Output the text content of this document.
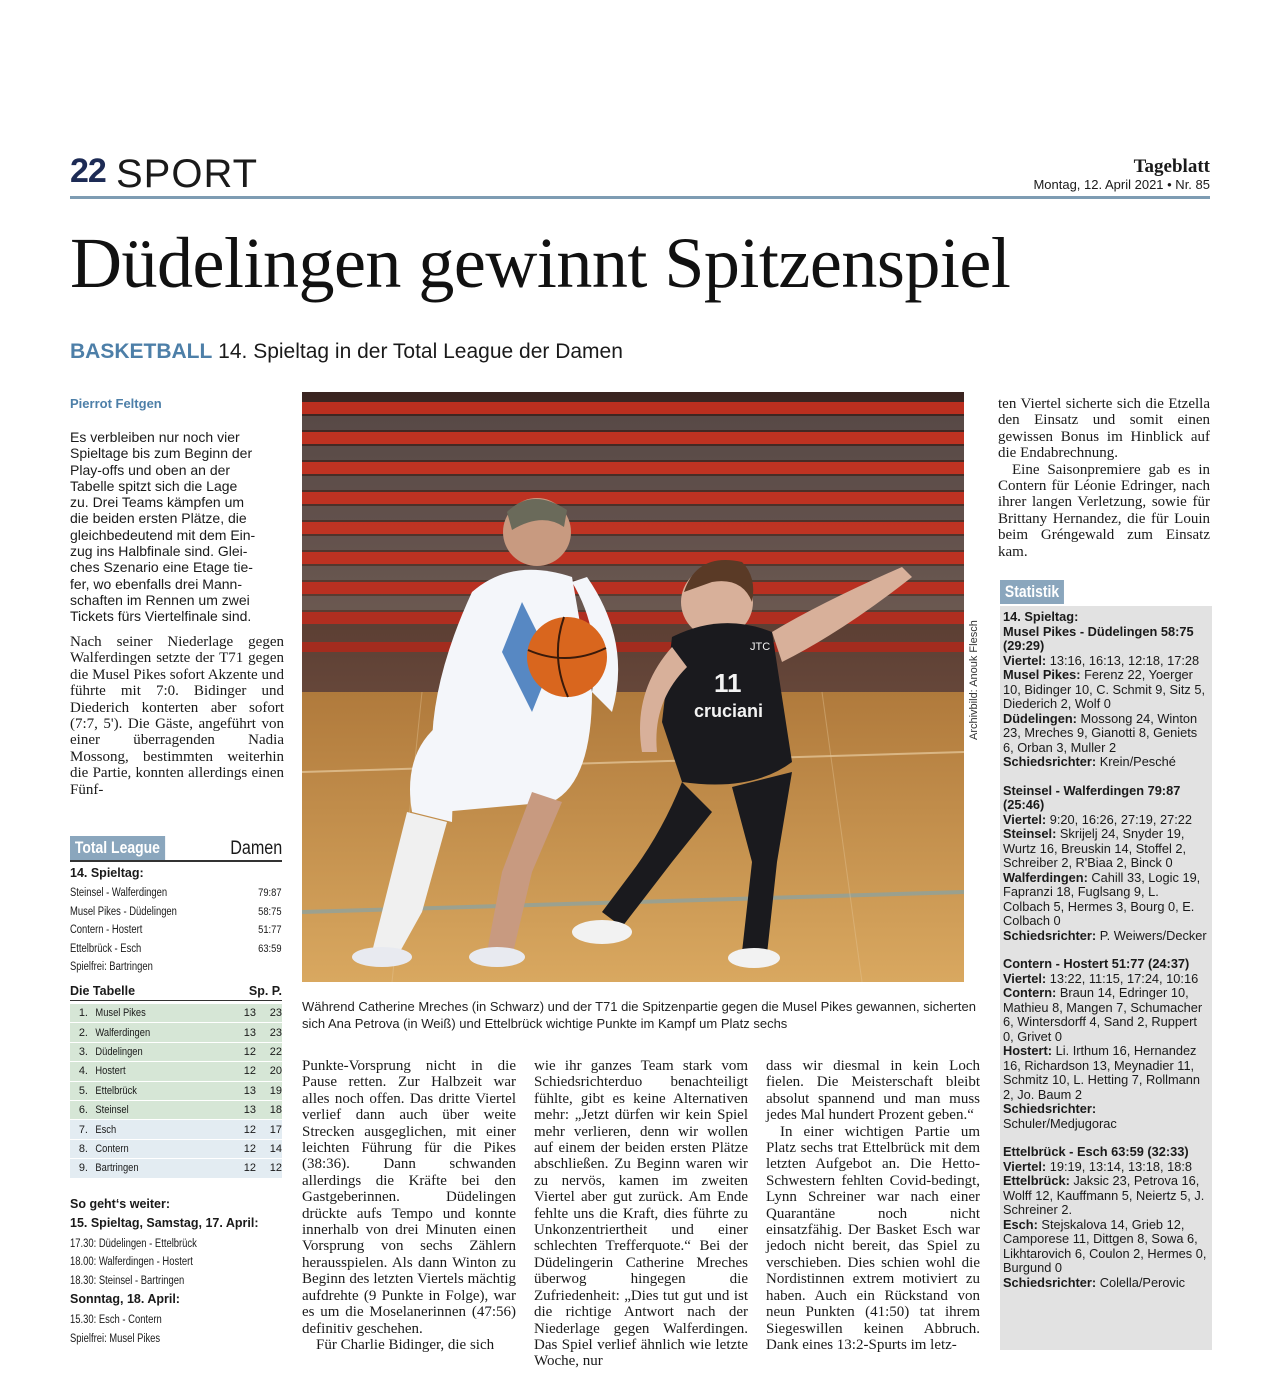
22 SPORT	Tageblatt
Montag, 12. April 2021 • Nr. 85
Düdelingen gewinnt Spitzenspiel
BASKETBALL 14. Spieltag in der Total League der Damen
Pierrot Feltgen
Es verbleiben nur noch vier
Spieltage bis zum Beginn der
Play-offs und oben an der
Tabelle spitzt sich die Lage
zu. Drei Teams kämpfen um
die beiden ersten Plätze, die
gleichbedeutend mit dem Ein-
zug ins Halbfinale sind. Glei-
ches Szenario eine Etage tie-
fer, wo ebenfalls drei Mann-
schaften im Rennen um zwei
Tickets fürs Viertelfinale sind.

Nach seiner Niederlage gegen Walferdingen setzte der T71 gegen die Musel Pikes sofort Akzente und führte mit 7:0. Bidinger und Diederich konterten aber sofort (7:7, 5'). Die Gäste, angeführt von einer überragenden Nadia Mossong, bestimmten weiterhin die Partie, konnten allerdings einen Fünf-

Total League	Damen
14. Spieltag:
Steinsel - Walferdingen	79:87
Musel Pikes - Düdelingen	58:75
Contern - Hostert	51:77
Ettelbrück - Esch	63:59
Spielfrei: Bartringen
Die Tabelle	Sp. P.
1. Musel Pikes	13	23
2. Walferdingen	13	23
3. Düdelingen	12	22
4. Hostert	12	20
5. Ettelbrück	13	19
6. Steinsel	13	18
7. Esch	12	17
8. Contern	12	14
9. Bartringen	12	12
So geht‘s weiter:
15. Spieltag, Samstag, 17. April:
17.30: Düdelingen - Ettelbrück
18.00: Walferdingen - Hostert
18.30: Steinsel - Bartringen
Sonntag, 18. April:
15.30: Esch - Contern
Spielfrei: Musel Pikes
11
cruciani
JTC	Archivbild: Anouk Flesch
Während Catherine Mreches (in Schwarz) und der T71 die Spitzenpartie gegen die Musel Pikes gewannen, sicherten sich Ana Petrova (in Weiß) und Ettelbrück wichtige Punkte im Kampf um Platz sechs

Punkte-Vorsprung nicht in die Pause retten. Zur Halbzeit war alles noch offen. Das dritte Viertel verlief dann auch über weite Strecken ausgeglichen, mit einer leichten Führung für die Pikes (38:36). Dann schwanden allerdings die Kräfte bei den Gastgeberinnen. Düdelingen drückte aufs Tempo und konnte innerhalb von drei Minuten einen Vorsprung von sechs Zählern herausspielen. Als dann Winton zu Beginn des letzten Viertels mächtig aufdrehte (9 Punkte in Folge), war es um die Moselanerinnen (47:56) definitiv geschehen.

Für Charlie Bidinger, die sich

wie ihr ganzes Team stark vom Schiedsrichterduo benachteiligt fühlte, gibt es keine Alternativen mehr: „Jetzt dürfen wir kein Spiel mehr verlieren, denn wir wollen auf einem der beiden ersten Plätze abschließen. Zu Beginn waren wir zu nervös, kamen im zweiten Viertel aber gut zurück. Am Ende fehlte uns die Kraft, dies führte zu Unkonzentriertheit und einer schlechten Trefferquote.“ Bei der Düdelingerin Catherine Mreches überwog hingegen die Zufriedenheit: „Dies tut gut und ist die richtige Antwort nach der Niederlage gegen Walferdingen. Das Spiel verlief ähnlich wie letzte Woche, nur

dass wir diesmal in kein Loch fielen. Die Meisterschaft bleibt absolut spannend und man muss jedes Mal hundert Prozent geben.“

In einer wichtigen Partie um Platz sechs trat Ettelbrück mit dem letzten Aufgebot an. Die Hetto-Schwestern fehlten Covid-bedingt, Lynn Schreiner war nach einer Quarantäne noch nicht einsatzfähig. Der Basket Esch war jedoch nicht bereit, das Spiel zu verschieben. Dies schien wohl die Nordistinnen extrem motiviert zu haben. Auch ein Rückstand von neun Punkten (41:50) tat ihrem Siegeswillen keinen Abbruch. Dank eines 13:2-Spurts im letz-

ten Viertel sicherte sich die Etzella den Einsatz und somit einen gewissen Bonus im Hinblick auf die Endabrechnung.

Eine Saisonpremiere gab es in Contern für Léonie Edringer, nach ihrer langen Verletzung, sowie für Brittany Hernandez, die für Louin beim Gréngewald zum Einsatz kam.

Statistik
14. Spieltag:
Musel Pikes - Düdelingen 58:75 (29:29)
Viertel: 13:16, 16:13, 12:18, 17:28
Musel Pikes: Ferenz 22, Yoerger 10, Bidinger 10, C. Schmit 9, Sitz 5, Diederich 2, Wolf 0
Düdelingen: Mossong 24, Winton 23, Mreches 9, Gianotti 8, Geniets 6, Orban 3, Muller 2
Schiedsrichter: Krein/Pesché
Steinsel - Walferdingen 79:87 (25:46)
Viertel: 9:20, 16:26, 27:19, 27:22
Steinsel: Skrijelj 24, Snyder 19, Wurtz 16, Breuskin 14, Stoffel 2, Schreiber 2, R'Biaa 2, Binck 0
Walferdingen: Cahill 33, Logic 19, Fapranzi 18, Fuglsang 9, L. Colbach 5, Hermes 3, Bourg 0, E. Colbach 0
Schiedsrichter: P. Weiwers/Decker
Contern - Hostert 51:77 (24:37)
Viertel: 13:22, 11:15, 17:24, 10:16
Contern: Braun 14, Edringer 10, Mathieu 8, Mangen 7, Schumacher 6, Wintersdorff 4, Sand 2, Ruppert 0, Grivet 0
Hostert: Li. Irthum 16, Hernandez 16, Richardson 13, Meynadier 11, Schmitz 10, L. Hetting 7, Rollmann 2, Jo. Baum 2
Schiedsrichter: Schuler/Medjugorac
Ettelbrück - Esch 63:59 (32:33)
Viertel: 19:19, 13:14, 13:18, 18:8
Ettelbrück: Jaksic 23, Petrova 16, Wolff 12, Kauffmann 5, Neiertz 5, J. Schreiner 2.
Esch: Stejskalova 14, Grieb 12, Camporese 11, Dittgen 8, Sowa 6, Likhtarovich 6, Coulon 2, Hermes 0, Burgund 0
Schiedsrichter: Colella/Perovic
